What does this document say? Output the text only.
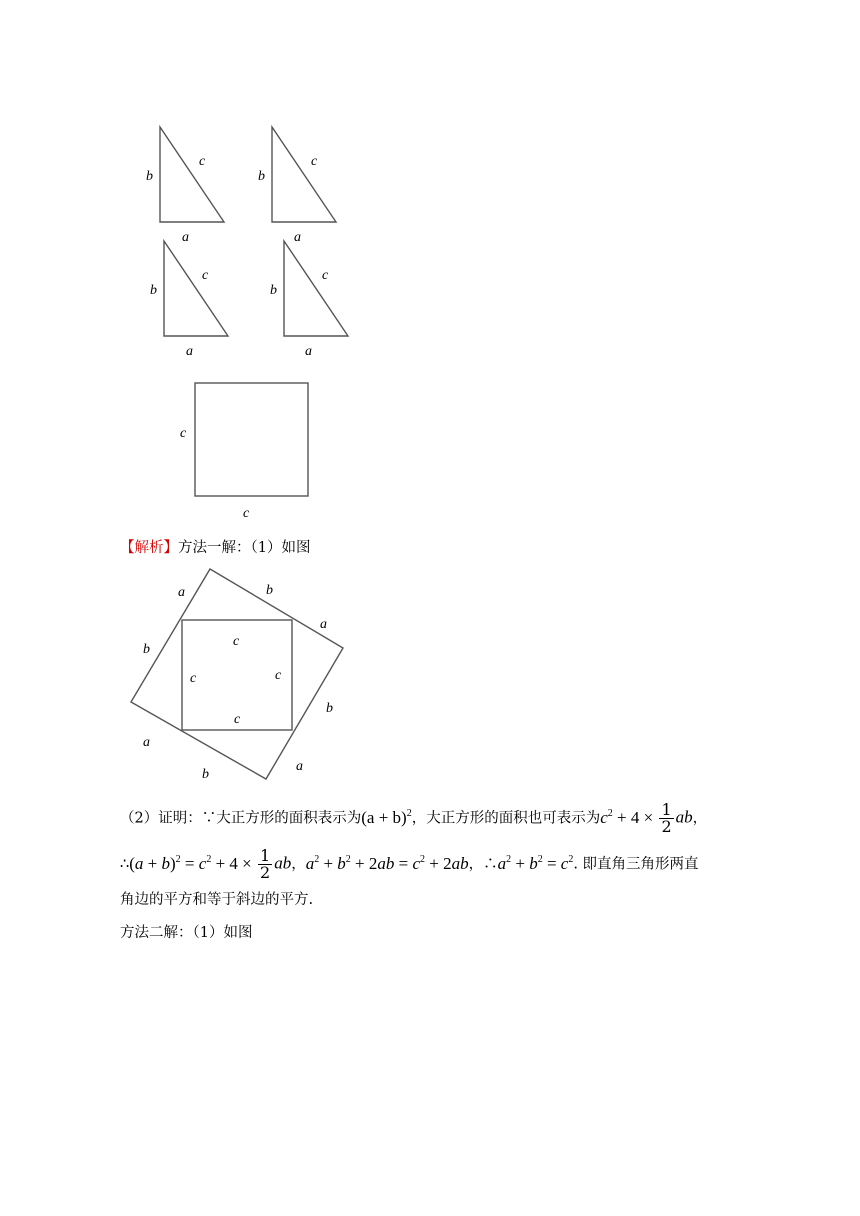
b
c
a
b
c
a
b
c
a
b
c
a
c
c
a	b
a
b
a
b
a
b
c
c	c
c
【解析】方法一解：（1）如图
（2）证明：∵大正方形的面积表示为$(a + b)^2$，大正方形的面积也可表示为$c^2 + 4 \times \frac{1}{2}$ ab，
∴(a + $b)^2 = c^2 + 4 \times \frac{1}{2}$ ab，$a^2 + b^2 + 2ab = c^2 + 2ab$，$\therefore a^2 + b^2 = c^2$. 即直角三角形两直
角边的平方和等于斜边的平方.
方法二解：（1）如图
